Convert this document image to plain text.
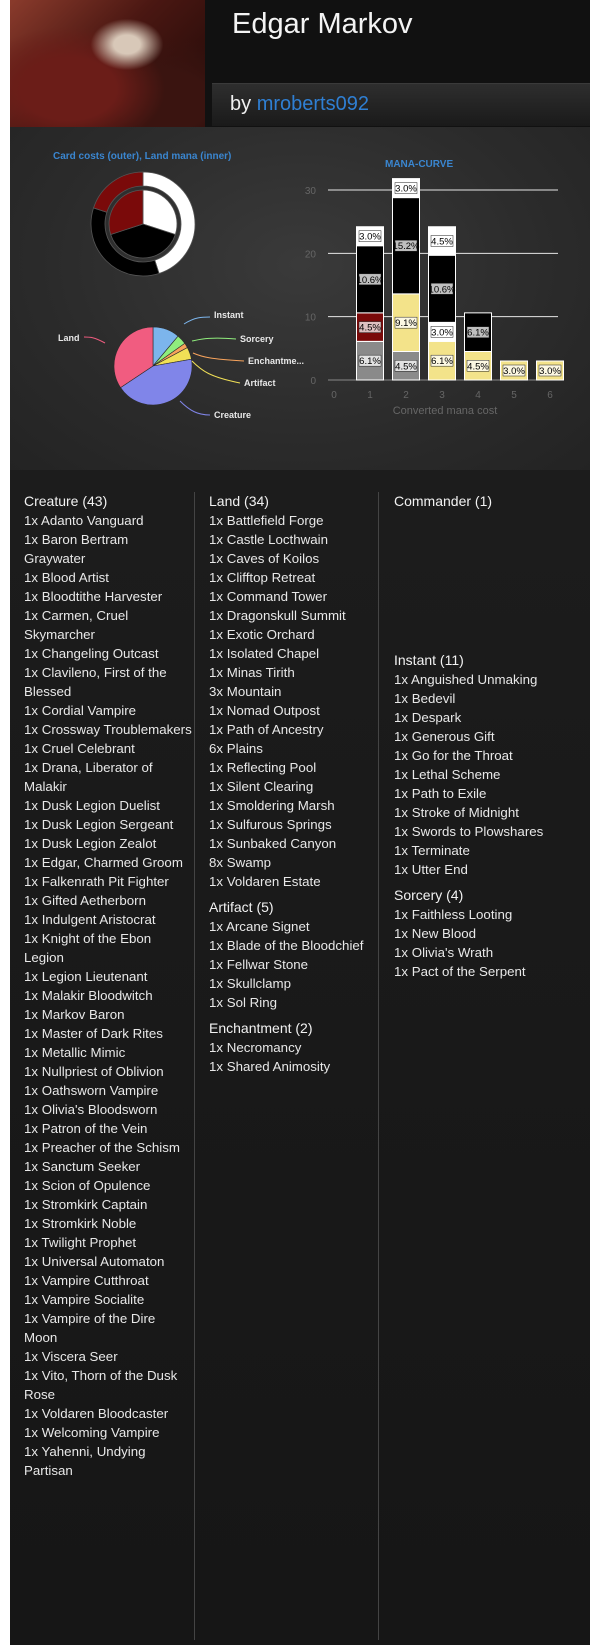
Edgar Markov
by mroberts092
Card costs (outer), Land mana (inner)
MANA-CURVE
Instant
Sorcery
Enchantme...
Artifact
Creature
Land
0
10
20
30
0	1
6.1%
4.5%
10.6%
3.0%
2
4.5%
9.1%
15.2%
3.0%
3
6.1%
3.0%
10.6%
4.5%
4
4.5%
6.1%
5
3.0%
6
3.0%
Converted mana cost
Creature (43)
1x Adanto Vanguard
1x Baron Bertram Graywater
1x Blood Artist
1x Bloodtithe Harvester
1x Carmen, Cruel Skymarcher
1x Changeling Outcast
1x Clavileno, First of the Blessed
1x Cordial Vampire
1x Crossway Troublemakers
1x Cruel Celebrant
1x Drana, Liberator of Malakir
1x Dusk Legion Duelist
1x Dusk Legion Sergeant
1x Dusk Legion Zealot
1x Edgar, Charmed Groom
1x Falkenrath Pit Fighter
1x Gifted Aetherborn
1x Indulgent Aristocrat
1x Knight of the Ebon Legion
1x Legion Lieutenant
1x Malakir Bloodwitch
1x Markov Baron
1x Master of Dark Rites
1x Metallic Mimic
1x Nullpriest of Oblivion
1x Oathsworn Vampire
1x Olivia's Bloodsworn
1x Patron of the Vein
1x Preacher of the Schism
1x Sanctum Seeker
1x Scion of Opulence
1x Stromkirk Captain
1x Stromkirk Noble
1x Twilight Prophet
1x Universal Automaton
1x Vampire Cutthroat
1x Vampire Socialite
1x Vampire of the Dire Moon
1x Viscera Seer
1x Vito, Thorn of the Dusk Rose
1x Voldaren Bloodcaster
1x Welcoming Vampire
1x Yahenni, Undying Partisan
Land (34)
1x Battlefield Forge
1x Castle Locthwain
1x Caves of Koilos
1x Clifftop Retreat
1x Command Tower
1x Dragonskull Summit
1x Exotic Orchard
1x Isolated Chapel
1x Minas Tirith
3x Mountain
1x Nomad Outpost
1x Path of Ancestry
6x Plains
1x Reflecting Pool
1x Silent Clearing
1x Smoldering Marsh
1x Sulfurous Springs
1x Sunbaked Canyon
8x Swamp
1x Voldaren Estate
Artifact (5)
1x Arcane Signet
1x Blade of the Bloodchief
1x Fellwar Stone
1x Skullclamp
1x Sol Ring
Enchantment (2)
1x Necromancy
1x Shared Animosity
Commander (1)
Instant (11)
1x Anguished Unmaking
1x Bedevil
1x Despark
1x Generous Gift
1x Go for the Throat
1x Lethal Scheme
1x Path to Exile
1x Stroke of Midnight
1x Swords to Plowshares
1x Terminate
1x Utter End
Sorcery (4)
1x Faithless Looting
1x New Blood
1x Olivia's Wrath
1x Pact of the Serpent
